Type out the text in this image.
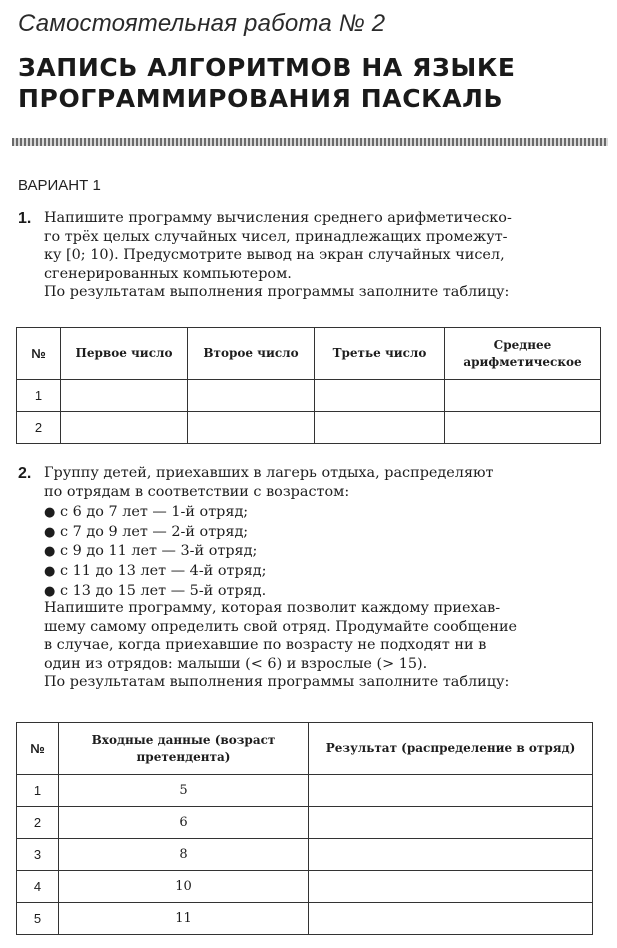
Самостоятельная работа № 2
ЗАПИСЬ АЛГОРИТМОВ НА ЯЗЫКЕ
ПРОГРАММИРОВАНИЯ ПАСКАЛЬ
ВАРИАНТ 1
1. Напишите программу вычисления среднего арифметическо-
го трёх целых случайных чисел, принадлежащих промежут-
ку [0; 10). Предусмотрите вывод на экран случайных чисел,
сгенерированных компьютером.
По результатам выполнения программы заполните таблицу:
№	Первое число	Второе число	Третье число	Среднее арифметическое
1				
2				
2. Группу детей, приехавших в лагерь отдыха, распределяют
по отрядам в соответствии с возрастом:
● с 6 до 7 лет — 1-й отряд;
● с 7 до 9 лет — 2-й отряд;
● с 9 до 11 лет — 3-й отряд;
● с 11 до 13 лет — 4-й отряд;
● с 13 до 15 лет — 5-й отряд.
Напишите программу, которая позволит каждому приехав-
шему самому определить свой отряд. Продумайте сообщение
в случае, когда приехавшие по возрасту не подходят ни в
один из отрядов: малыши (< 6) и взрослые (> 15).
По результатам выполнения программы заполните таблицу:
№	Входные данные (возраст претендента)	Результат (распределение в отряд)
1	5	
2	6	
3	8	
4	10	
5	11	
